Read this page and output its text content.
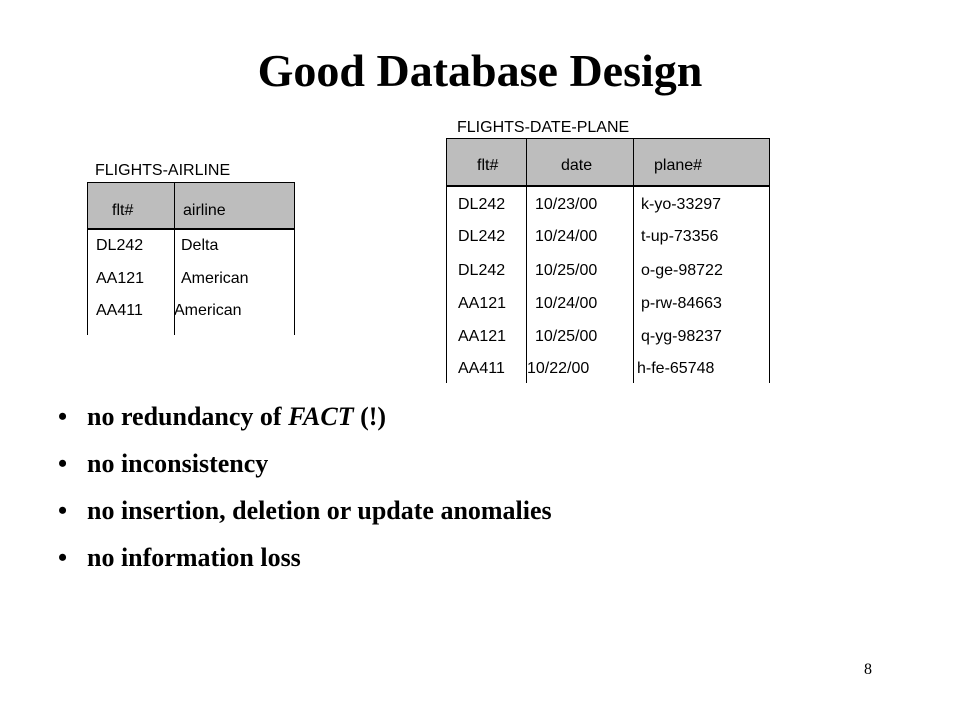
Good Database Design
FLIGHTS-AIRLINE
flt#	airline
DL242 Delta
AA121 American
AA411 American
FLIGHTS-DATE-PLANE
flt#	date	plane#
DL242 10/23/00	k-yo-33297
DL242 10/24/00	t-up-73356
DL242 10/25/00	o-ge-98722
AA121 10/24/00	p-rw-84663
AA121 10/25/00	q-yg-98237
AA411 10/22/00	h-fe-65748
• no redundancy of FACT (!)
• no inconsistency
• no insertion, deletion or update anomalies
• no information loss
8
